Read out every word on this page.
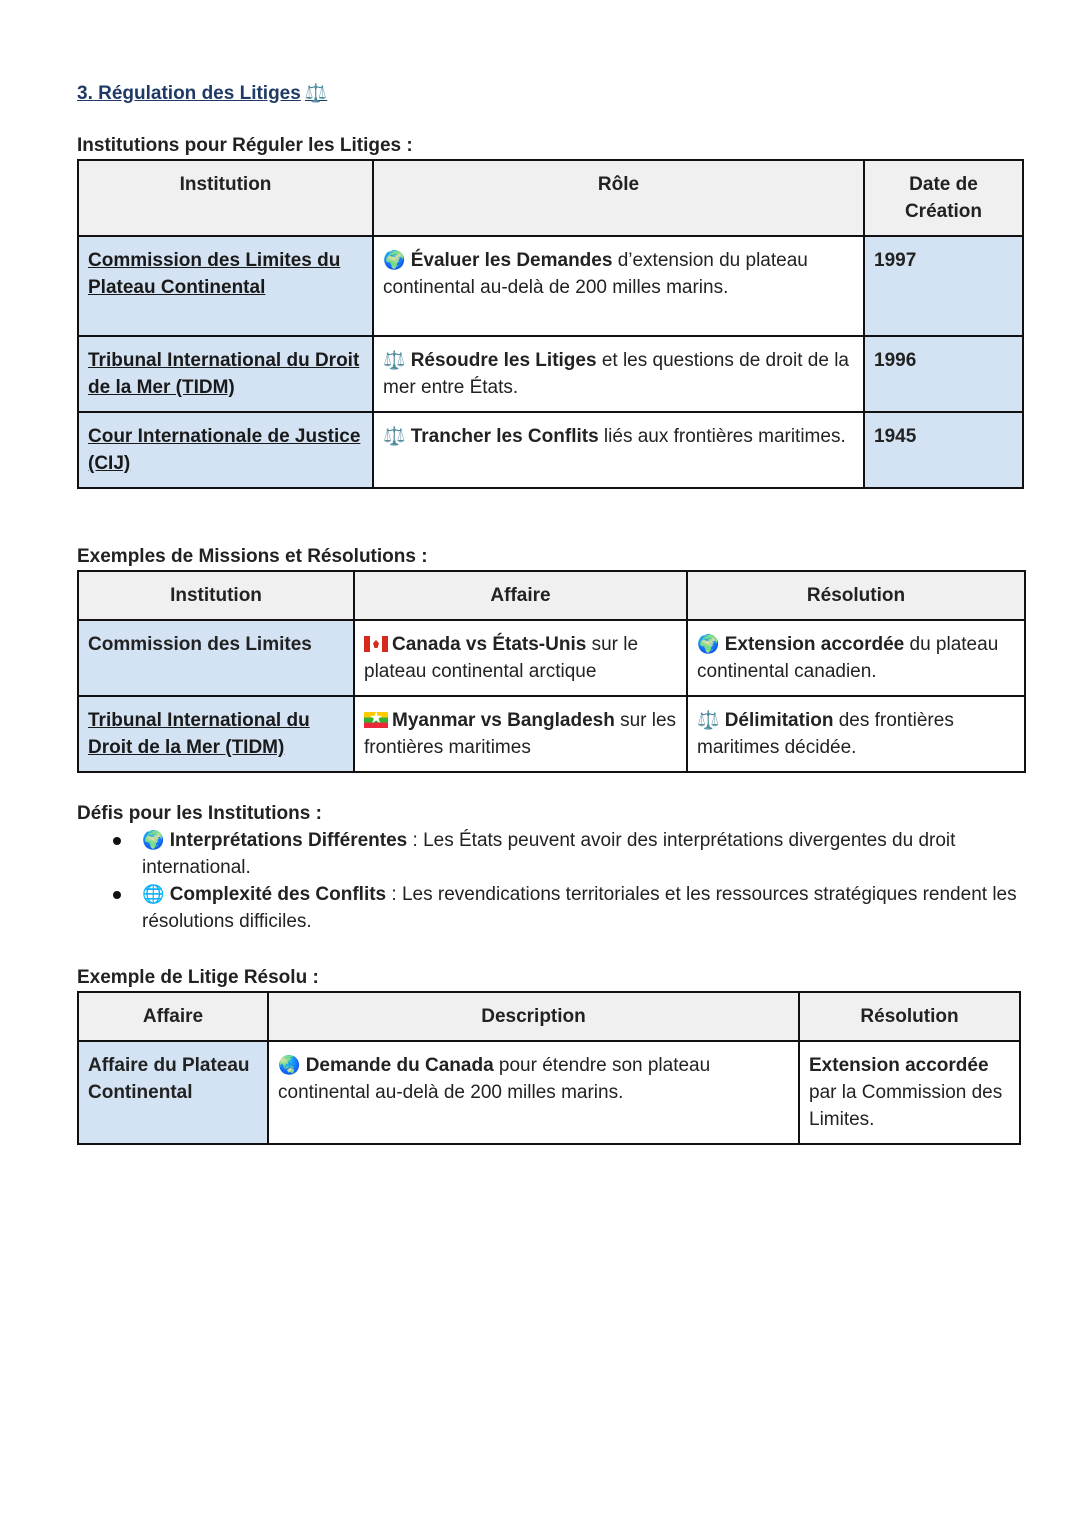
3. Régulation des Litiges ⚖️

Institutions pour Réguler les Litiges :

Institution	Rôle	Date de Création
Commission des Limites du Plateau Continental	🌍 Évaluer les Demandes d’extension du plateau continental au-delà de 200 milles marins.	1997
Tribunal International du Droit de la Mer (TIDM)	⚖️ Résoudre les Litiges et les questions de droit de la mer entre États.	1996
Cour Internationale de Justice (CIJ)	⚖️ Trancher les Conflits liés aux frontières maritimes.	1945

Exemples de Missions et Résolutions :

Institution	Affaire	Résolution
Commission des Limites	Canada vs États-Unis sur le plateau continental arctique	🌍 Extension accordée du plateau continental canadien.
Tribunal International du Droit de la Mer (TIDM)	★Myanmar vs Bangladesh sur les frontières maritimes	⚖️ Délimitation des frontières maritimes décidée.

Défis pour les Institutions :

🌍 Interprétations Différentes : Les États peuvent avoir des interprétations divergentes du droit international.
🌐 Complexité des Conflits : Les revendications territoriales et les ressources stratégiques rendent les résolutions difficiles.

Exemple de Litige Résolu :

Affaire	Description	Résolution
Affaire du Plateau Continental	🌏 Demande du Canada pour étendre son plateau continental au-delà de 200 milles marins.	Extension accordée par la Commission des Limites.
